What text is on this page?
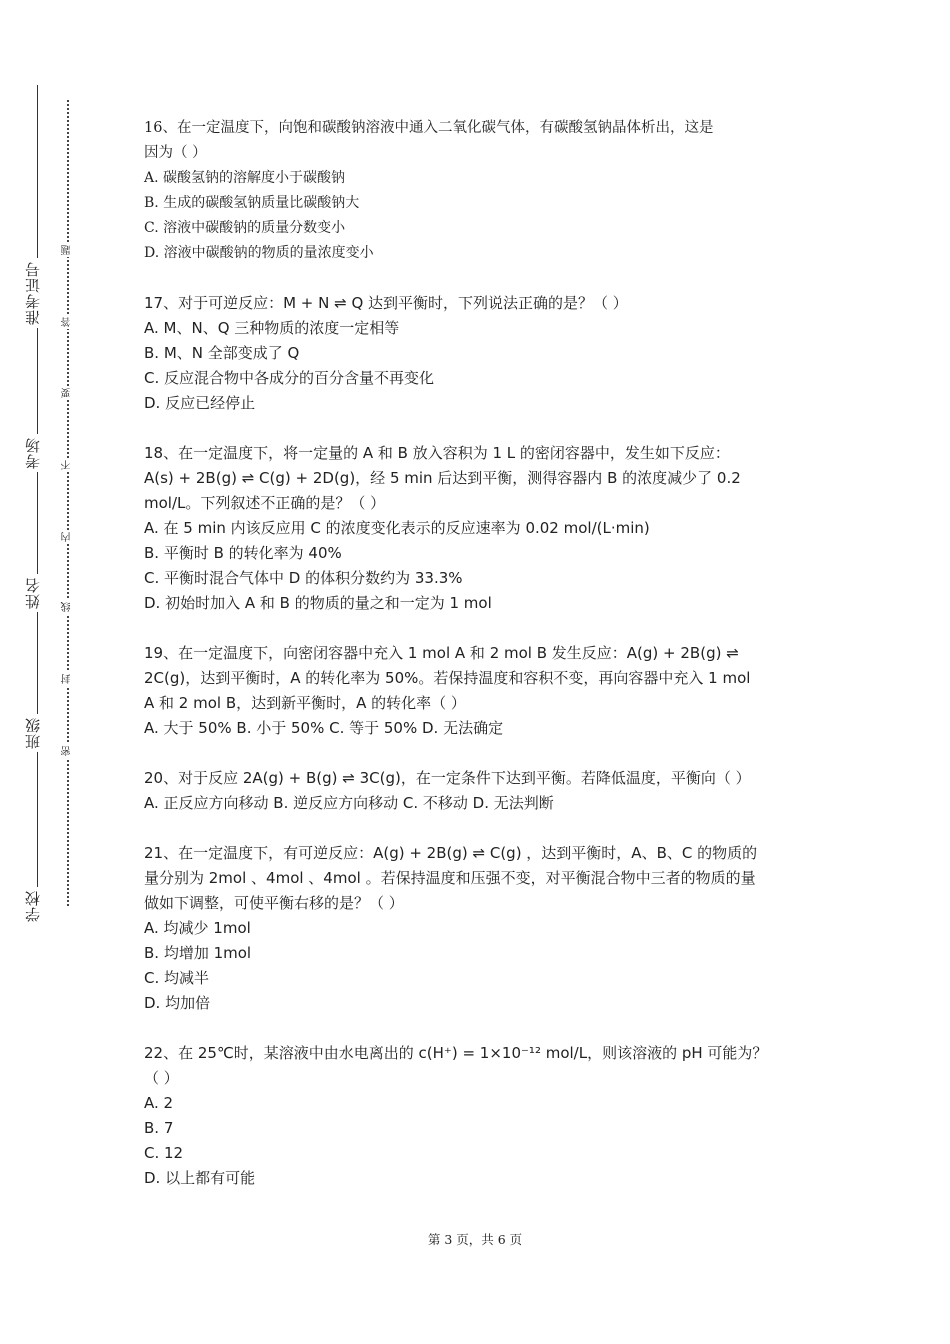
准考证号
考场
姓名
班级
学校
题
答
要
不
内
线
封
密

16、在一定温度下，向饱和碳酸钠溶液中通入二氧化碳气体，有碳酸氢钠晶体析出，这是

因为（ ）

A. 碳酸氢钠的溶解度小于碳酸钠

B. 生成的碳酸氢钠质量比碳酸钠大

C. 溶液中碳酸钠的质量分数变小

D. 溶液中碳酸钠的物质的量浓度变小

17、对于可逆反应：M + N ⇌ Q 达到平衡时，下列说法正确的是？（ ）

A. M、N、Q 三种物质的浓度一定相等

B. M、N 全部变成了 Q

C. 反应混合物中各成分的百分含量不再变化

D. 反应已经停止

18、在一定温度下，将一定量的 A 和 B 放入容积为 1 L 的密闭容器中，发生如下反应：

A(s) + 2B(g) ⇌ C(g) + 2D(g)，经 5 min 后达到平衡，测得容器内 B 的浓度减少了 0.2

mol/L。下列叙述不正确的是？（ ）

A. 在 5 min 内该反应用 C 的浓度变化表示的反应速率为 0.02 mol/(L·min)

B. 平衡时 B 的转化率为 40%

C. 平衡时混合气体中 D 的体积分数约为 33.3%

D. 初始时加入 A 和 B 的物质的量之和一定为 1 mol

19、在一定温度下，向密闭容器中充入 1 mol A 和 2 mol B 发生反应：A(g) + 2B(g) ⇌

2C(g)，达到平衡时，A 的转化率为 50%。若保持温度和容积不变，再向容器中充入 1 mol

A 和 2 mol B，达到新平衡时，A 的转化率（ ）

A. 大于 50% B. 小于 50% C. 等于 50% D. 无法确定

20、对于反应 2A(g) + B(g) ⇌ 3C(g)，在一定条件下达到平衡。若降低温度，平衡向（ ）

A. 正反应方向移动 B. 逆反应方向移动 C. 不移动 D. 无法判断

21、在一定温度下，有可逆反应：A(g) + 2B(g) ⇌ C(g) ，达到平衡时，A、B、C 的物质的

量分别为 2mol 、4mol 、4mol 。若保持温度和压强不变，对平衡混合物中三者的物质的量

做如下调整，可使平衡右移的是？（ ）

A. 均减少 1mol

B. 均增加 1mol

C. 均减半

D. 均加倍

22、在 25℃时，某溶液中由水电离出的 c(H⁺) = 1×10⁻¹² mol/L，则该溶液的 pH 可能为？

（ ）

A. 2

B. 7

C. 12

D. 以上都有可能

第 3 页，共 6 页
